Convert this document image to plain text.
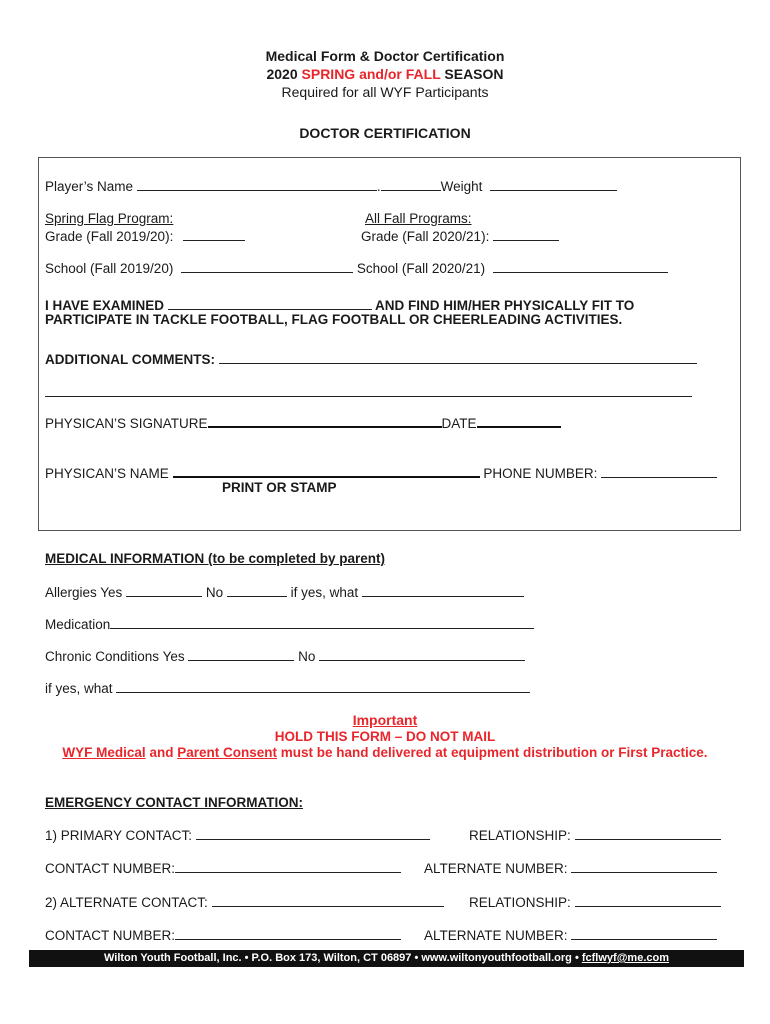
Medical Form & Doctor Certification
2020 SPRING and/or FALL SEASON
Required for all WYF Participants
DOCTOR CERTIFICATION
Player’s Name	.	Weight
Spring Flag Program:
Grade (Fall 2019/20):
All Fall Programs:
Grade (Fall 2020/21):
School (Fall 2019/20)	School (Fall 2020/21)
I HAVE EXAMINED	AND FIND HIM/HER PHYSICALLY FIT TO
PARTICIPATE IN TACKLE FOOTBALL, FLAG FOOTBALL OR CHEERLEADING ACTIVITIES.
ADDITIONAL COMMENTS:
PHYSICAN’S SIGNATURE	DATE
PHYSICAN’S NAME	PHONE NUMBER:
PRINT OR STAMP
MEDICAL INFORMATION (to be completed by parent)
Allergies Yes	No	if yes, what
Medication
Chronic Conditions Yes	No
if yes, what
Important
HOLD THIS FORM – DO NOT MAIL
WYF Medical and Parent Consent must be hand delivered at equipment distribution or First Practice.
EMERGENCY CONTACT INFORMATION:
1) PRIMARY CONTACT:	RELATIONSHIP:
CONTACT NUMBER:	ALTERNATE NUMBER:
2) ALTERNATE CONTACT:	RELATIONSHIP:
CONTACT NUMBER:	ALTERNATE NUMBER:
Wilton Youth Football, Inc. • P.O. Box 173, Wilton, CT 06897 • www.wiltonyouthfootball.org • fcflwyf@me.com
